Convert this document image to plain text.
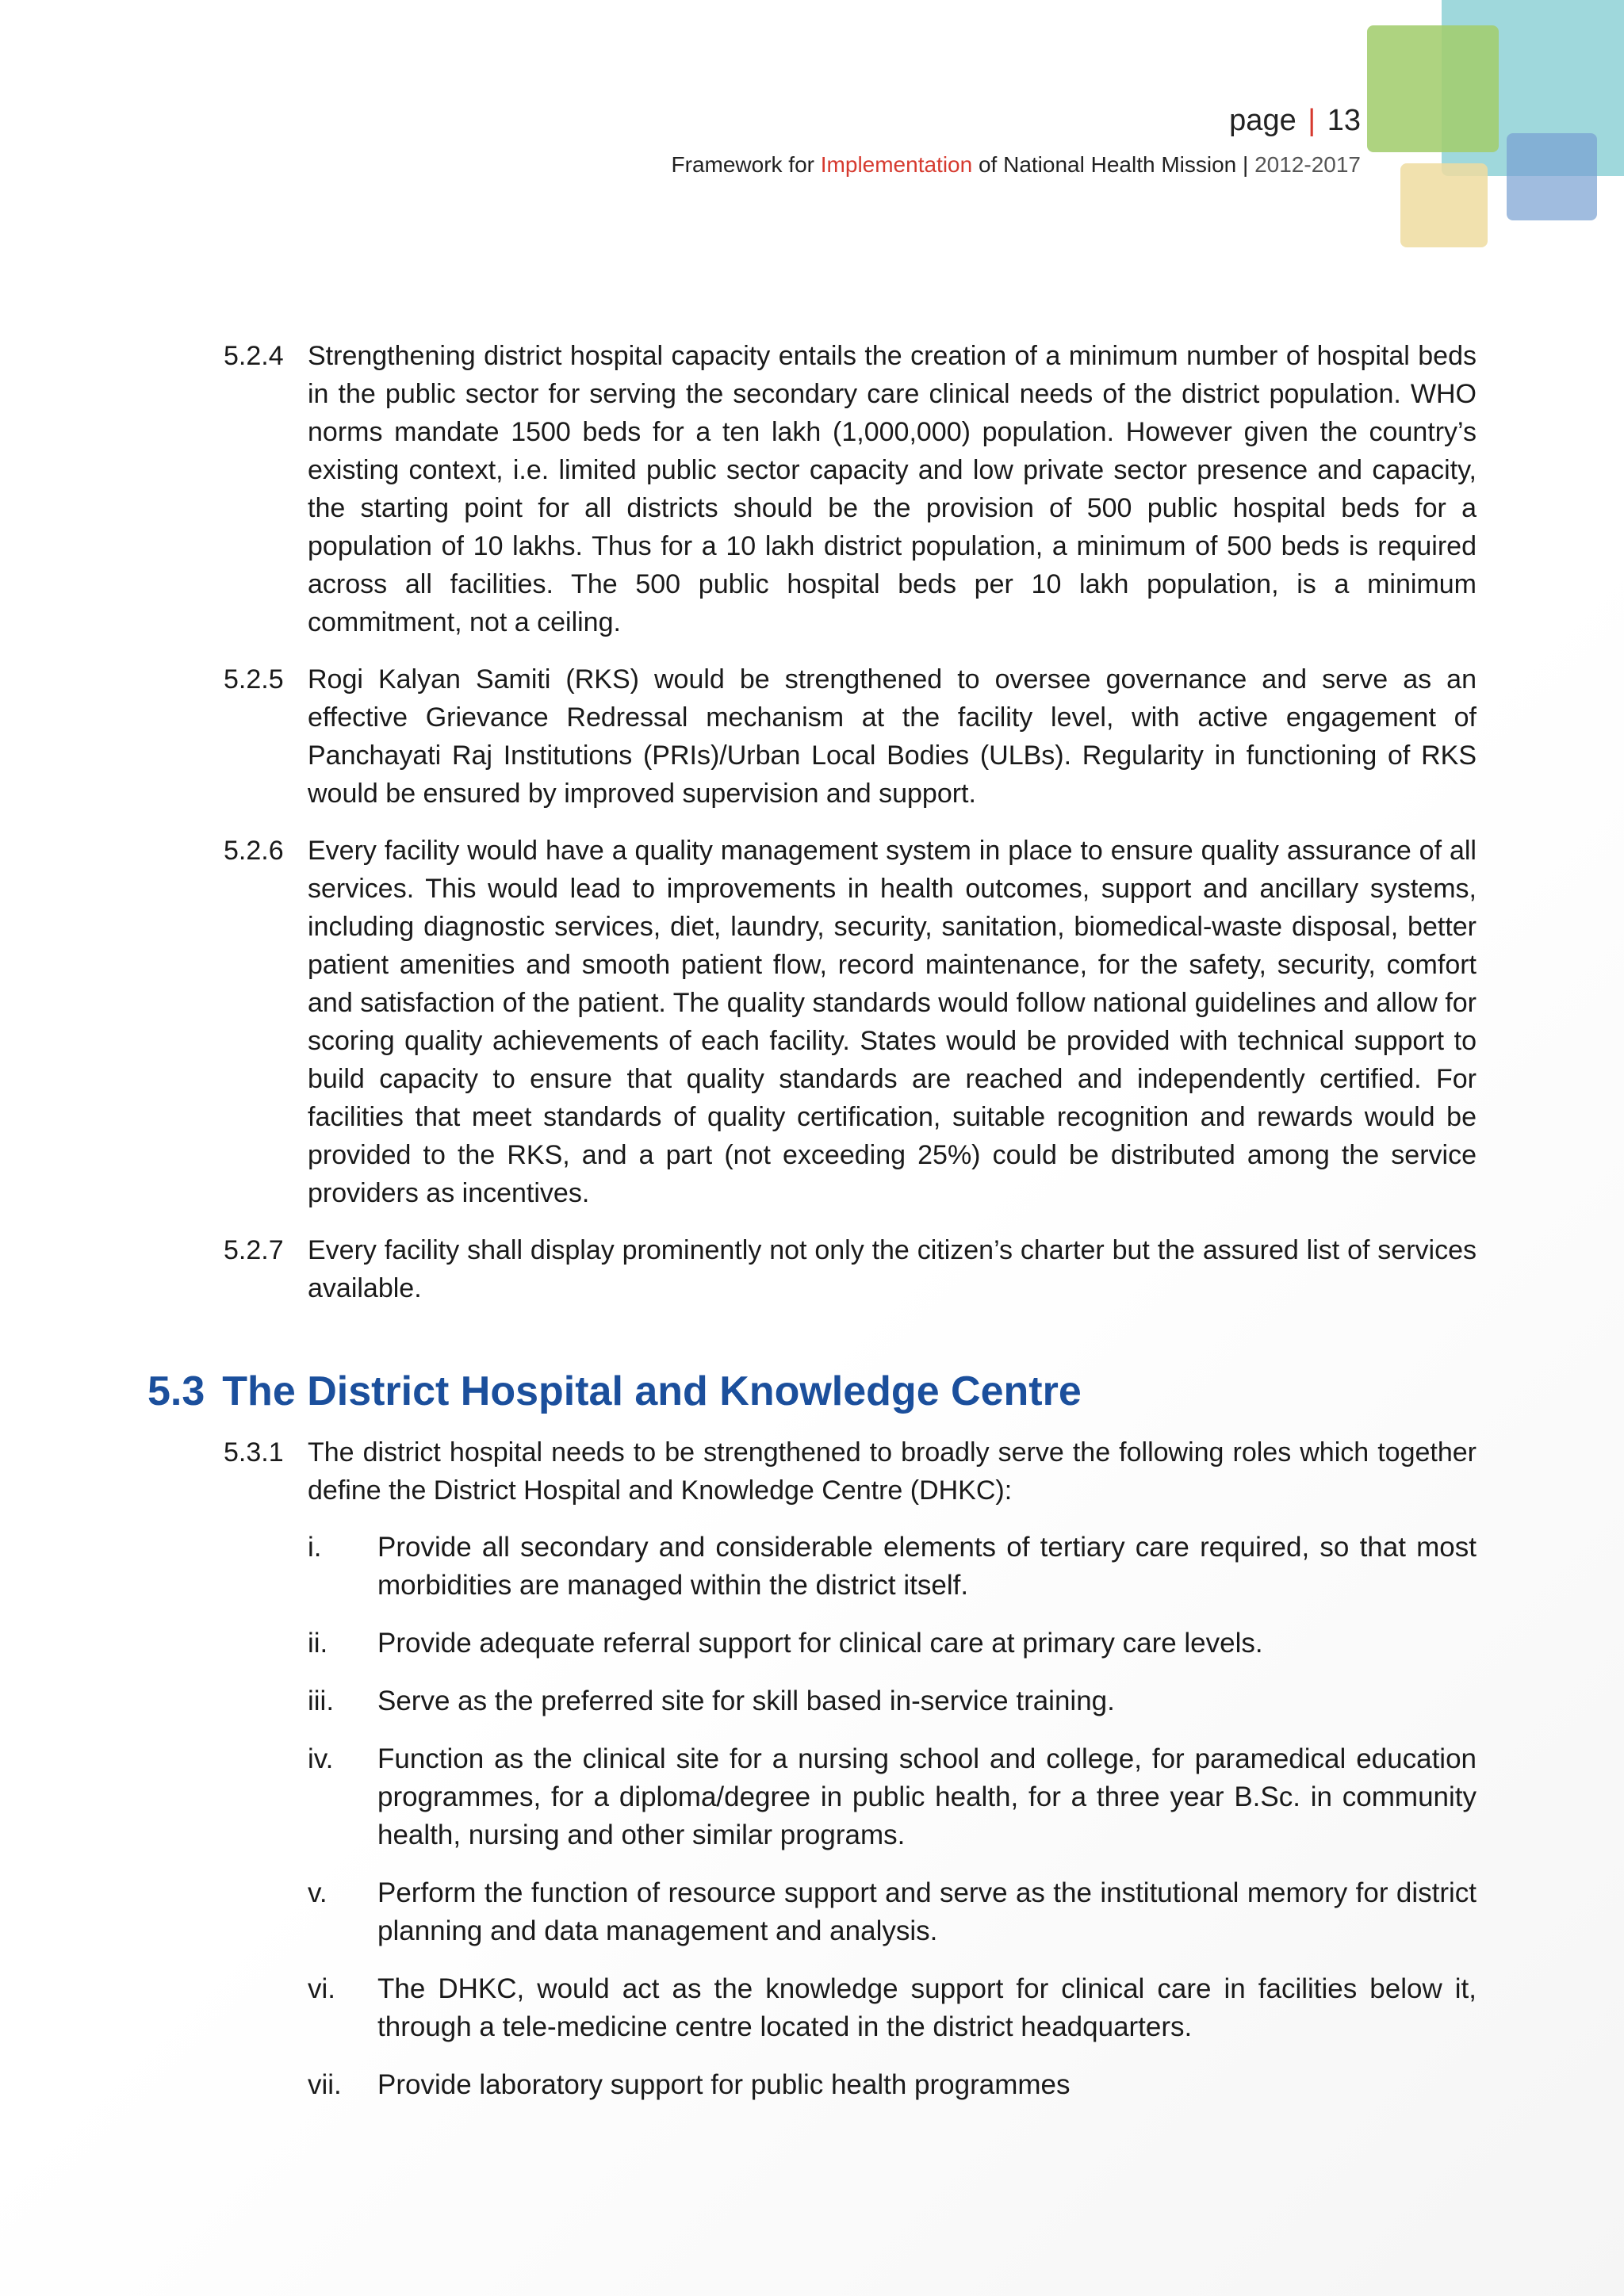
page | 13
Framework for Implementation of National Health Mission | 2012-2017
5.2.4 Strengthening district hospital capacity entails the creation of a minimum number of hospital beds in the public sector for serving the secondary care clinical needs of the district population. WHO norms mandate 1500 beds for a ten lakh (1,000,000) population. However given the country’s existing context, i.e. limited public sector capacity and low private sector presence and capacity, the starting point for all districts should be the provision of 500 public hospital beds for a population of 10 lakhs. Thus for a 10 lakh district population, a minimum of 500 beds is required across all facilities. The 500 public hospital beds per 10 lakh population, is a minimum commitment, not a ceiling.
5.2.5 Rogi Kalyan Samiti (RKS) would be strengthened to oversee governance and serve as an effective Grievance Redressal mechanism at the facility level, with active engagement of Panchayati Raj Institutions (PRIs)/Urban Local Bodies (ULBs). Regularity in functioning of RKS would be ensured by improved supervision and support.
5.2.6 Every facility would have a quality management system in place to ensure quality assurance of all services. This would lead to improvements in health outcomes, support and ancillary systems, including diagnostic services, diet, laundry, security, sanitation, biomedical-waste disposal, better patient amenities and smooth patient flow, record maintenance, for the safety, security, comfort and satisfaction of the patient. The quality standards would follow national guidelines and allow for scoring quality achievements of each facility. States would be provided with technical support to build capacity to ensure that quality standards are reached and independently certified. For facilities that meet standards of quality certification, suitable recognition and rewards would be provided to the RKS, and a part (not exceeding 25%) could be distributed among the service providers as incentives.
5.2.7 Every facility shall display prominently not only the citizen’s charter but the assured list of services available.
5.3 The District Hospital and Knowledge Centre
5.3.1 The district hospital needs to be strengthened to broadly serve the following roles which together define the District Hospital and Knowledge Centre (DHKC):
i.	Provide all secondary and considerable elements of tertiary care required, so that most morbidities are managed within the district itself.
ii.	Provide adequate referral support for clinical care at primary care levels.
iii.	Serve as the preferred site for skill based in-service training.
iv.	Function as the clinical site for a nursing school and college, for paramedical education programmes, for a diploma/degree in public health, for a three year B.Sc. in community health, nursing and other similar programs.
v.	Perform the function of resource support and serve as the institutional memory for district planning and data management and analysis.
vi.	The DHKC, would act as the knowledge support for clinical care in facilities below it, through a tele-medicine centre located in the district headquarters.
vii.	Provide laboratory support for public health programmes
